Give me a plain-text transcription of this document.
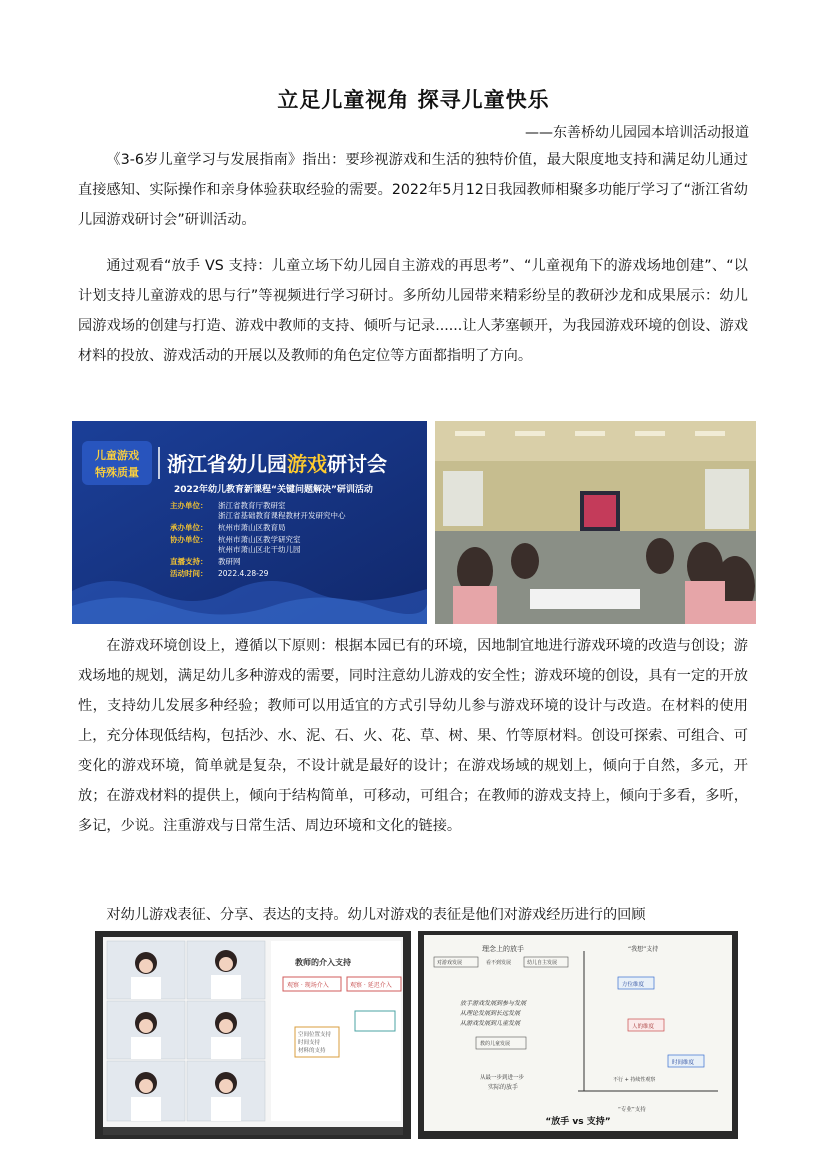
立足儿童视角 探寻儿童快乐
——东善桥幼儿园园本培训活动报道

《3-6岁儿童学习与发展指南》指出：要珍视游戏和生活的独特价值，最大限度地支持和满足幼儿通过直接感知、实际操作和亲身体验获取经验的需要。2022年5月12日我园教师相聚多功能厅学习了“浙江省幼儿园游戏研讨会”研训活动。

通过观看“放手 VS 支持：儿童立场下幼儿园自主游戏的再思考”、“儿童视角下的游戏场地创建”、“以计划支持儿童游戏的思与行”等视频进行学习研讨。多所幼儿园带来精彩纷呈的教研沙龙和成果展示：幼儿园游戏场的创建与打造、游戏中教师的支持、倾听与记录......让人茅塞顿开，为我园游戏环境的创设、游戏材料的投放、游戏活动的开展以及教师的角色定位等方面都指明了方向。

儿童游戏
特殊质量 浙江省幼儿园游戏研讨会
2022年幼儿教育新课程“关键问题解决”研训活动
主办单位： 浙江省教育厅教研室
浙江省基础教育课程教材开发研究中心
承办单位： 杭州市萧山区教育局
协办单位： 杭州市萧山区教学研究室
杭州市萧山区北干幼儿园
直播支持： 教研网
活动时间： 2022.4.28-29

在游戏环境创设上，遵循以下原则：根据本园已有的环境，因地制宜地进行游戏环境的改造与创设；游戏场地的规划，满足幼儿多种游戏的需要，同时注意幼儿游戏的安全性；游戏环境的创设，具有一定的开放性，支持幼儿发展多种经验；教师可以用适宜的方式引导幼儿参与游戏环境的设计与改造。在材料的使用上，充分体现低结构，包括沙、水、泥、石、火、花、草、树、果、竹等原材料。创设可探索、可组合、可变化的游戏环境，简单就是复杂，不设计就是最好的设计；在游戏场域的规划上，倾向于自然，多元，开放；在游戏材料的提供上，倾向于结构简单，可移动，可组合；在教师的游戏支持上，倾向于多看，多听，多记，少说。注重游戏与日常生活、周边环境和文化的链接。

对幼儿游戏表征、分享、表达的支持。幼儿对游戏的表征是他们对游戏经历进行的回顾

教师的介入支持
观察 · 现场介入	观察 · 延迟介入
空间位置支持
时间支持
材料的支持
理念上的放手
对游戏发展	看不到发展	幼儿自主发展
放手游戏发展到参与发展
从理论发展到长远发展
从游戏发展到儿童发展
教的儿童发展
从最一步到进一步
实际的放手
“我想”支持
方位维度
人的维度
时间维度
不行 + 持续性观察
“专业”支持
“放手 vs 支持”
